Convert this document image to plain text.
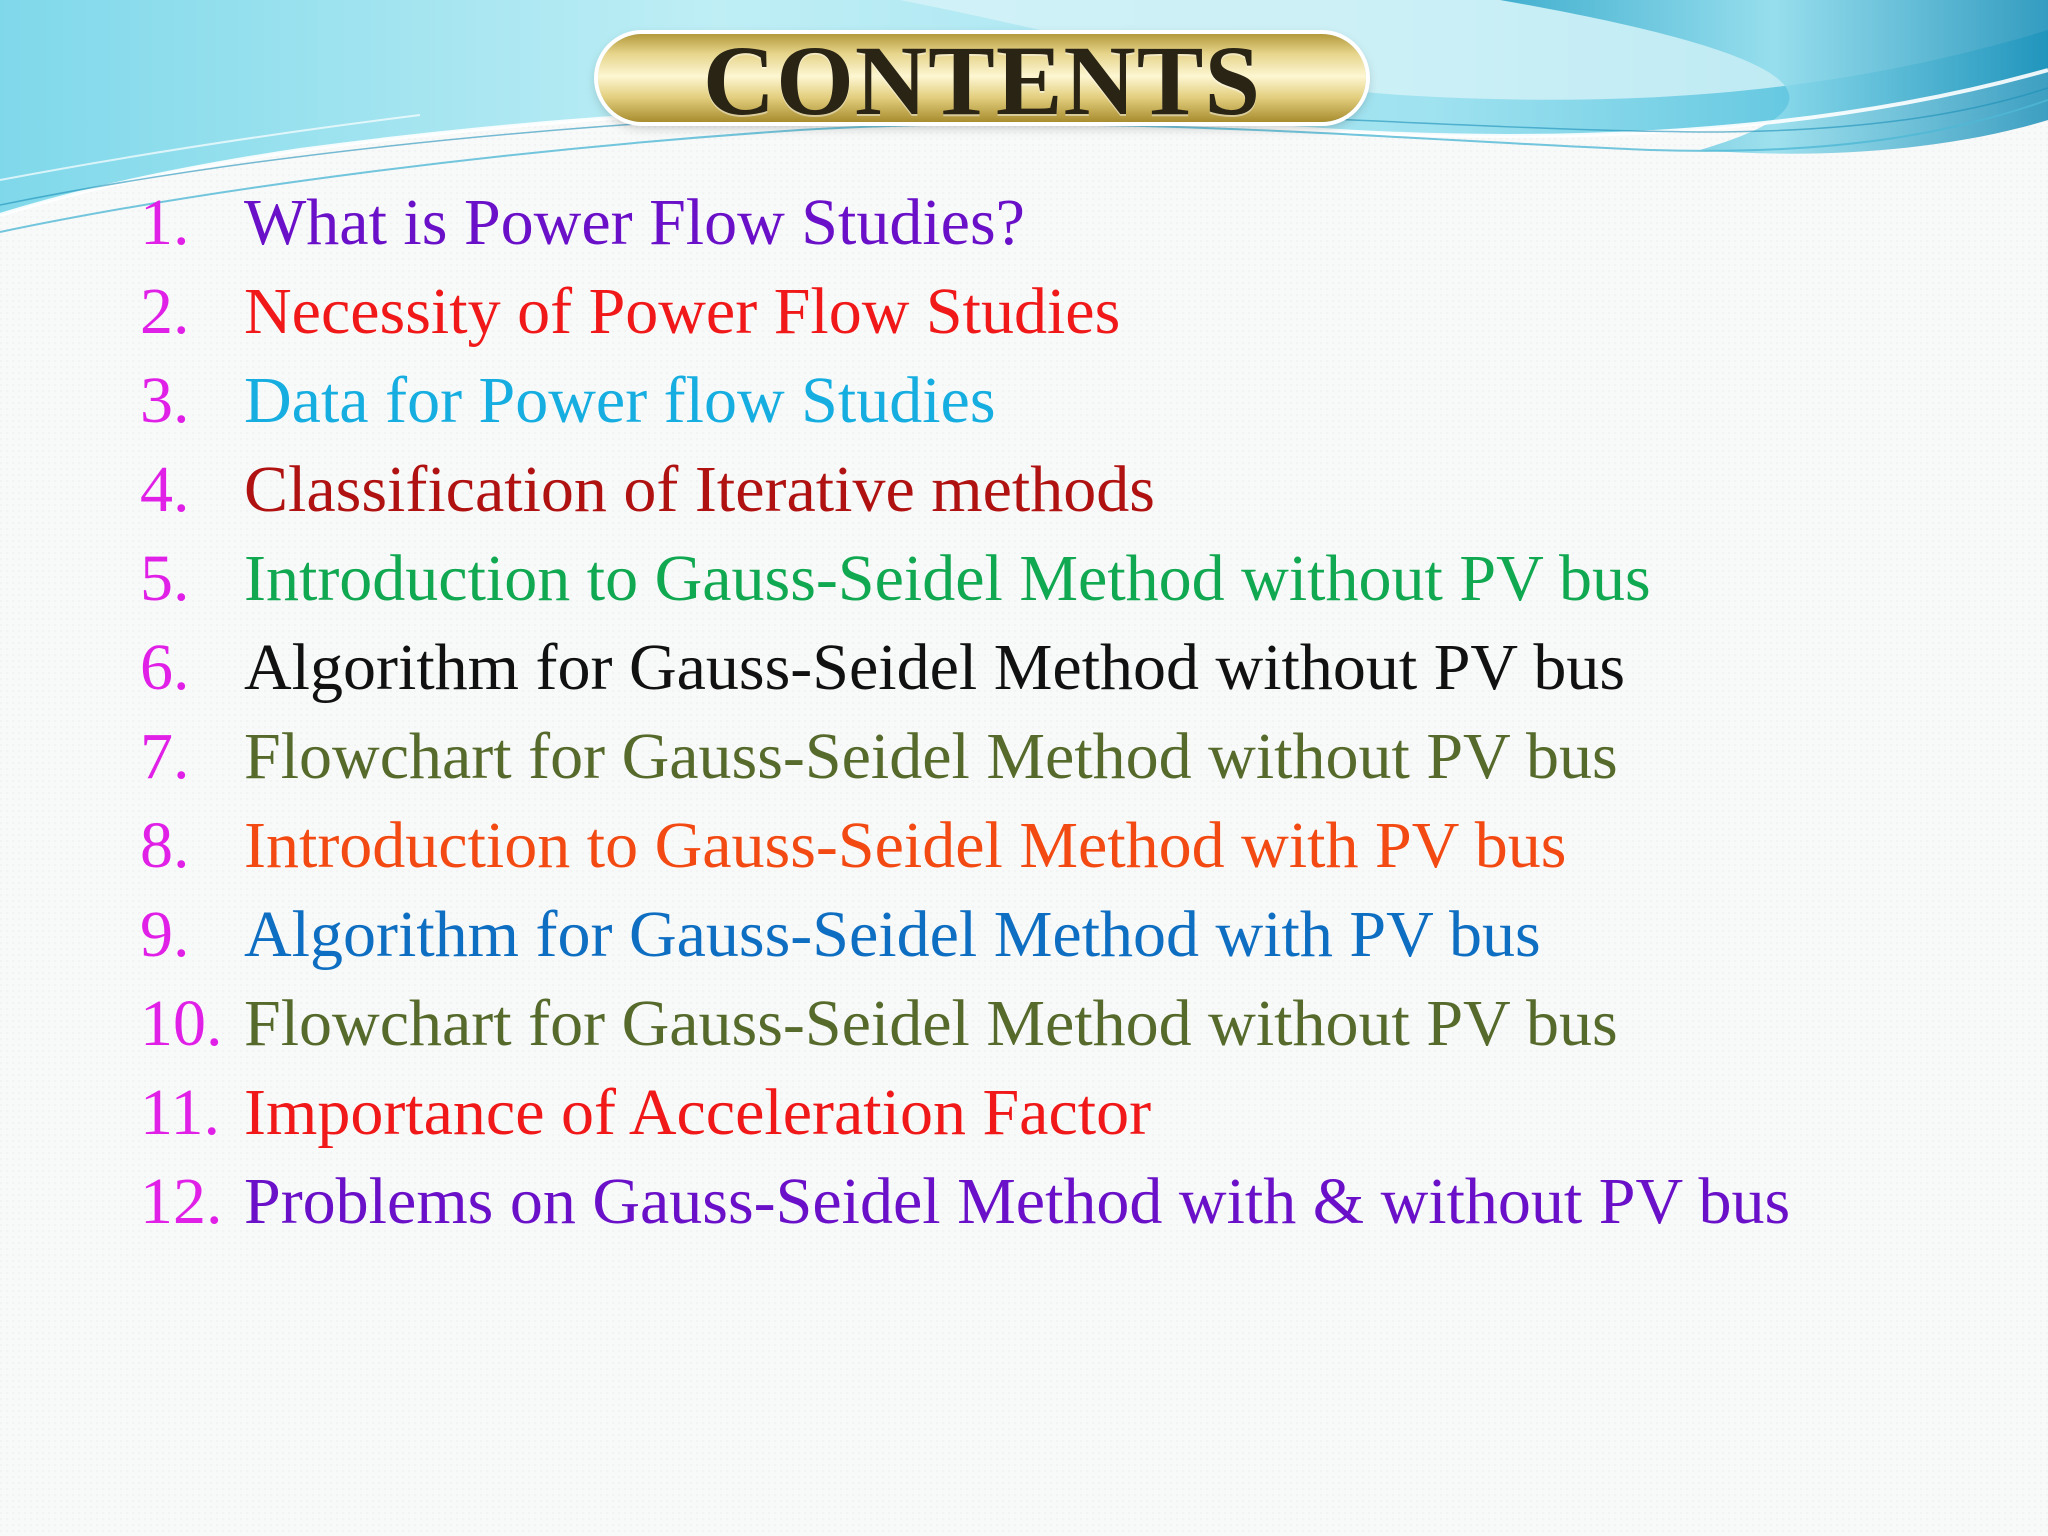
CONTENTS
1. What is Power Flow Studies?
2. Necessity of Power Flow Studies
3. Data for Power flow Studies
4. Classification of Iterative methods
5. Introduction to Gauss-Seidel Method without PV bus
6. Algorithm for Gauss-Seidel Method without PV bus
7. Flowchart for Gauss-Seidel Method without PV bus
8. Introduction to Gauss-Seidel Method with PV bus
9. Algorithm for Gauss-Seidel Method with PV bus
10. Flowchart for Gauss-Seidel Method without PV bus
11. Importance of Acceleration Factor
12. Problems on Gauss-Seidel Method with & without PV bus
